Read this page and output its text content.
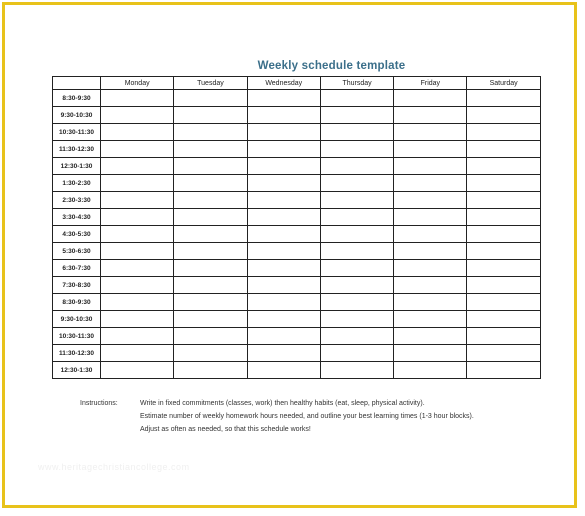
Weekly schedule template
	Monday	Tuesday	Wednesday	Thursday	Friday	Saturday
8:30-9:30						
9:30-10:30						
10:30-11:30						
11:30-12:30						
12:30-1:30						
1:30-2:30						
2:30-3:30						
3:30-4:30						
4:30-5:30						
5:30-6:30						
6:30-7:30						
7:30-8:30						
8:30-9:30						
9:30-10:30						
10:30-11:30						
11:30-12:30						
12:30-1:30						
Instructions:	Write in fixed commitments (classes, work) then healthy habits (eat, sleep, physical activity).
Estimate number of weekly homework hours needed, and outline your best learning times (1-3 hour blocks).
Adjust as often as needed, so that this schedule works!
www.heritagechristiancollege.com
